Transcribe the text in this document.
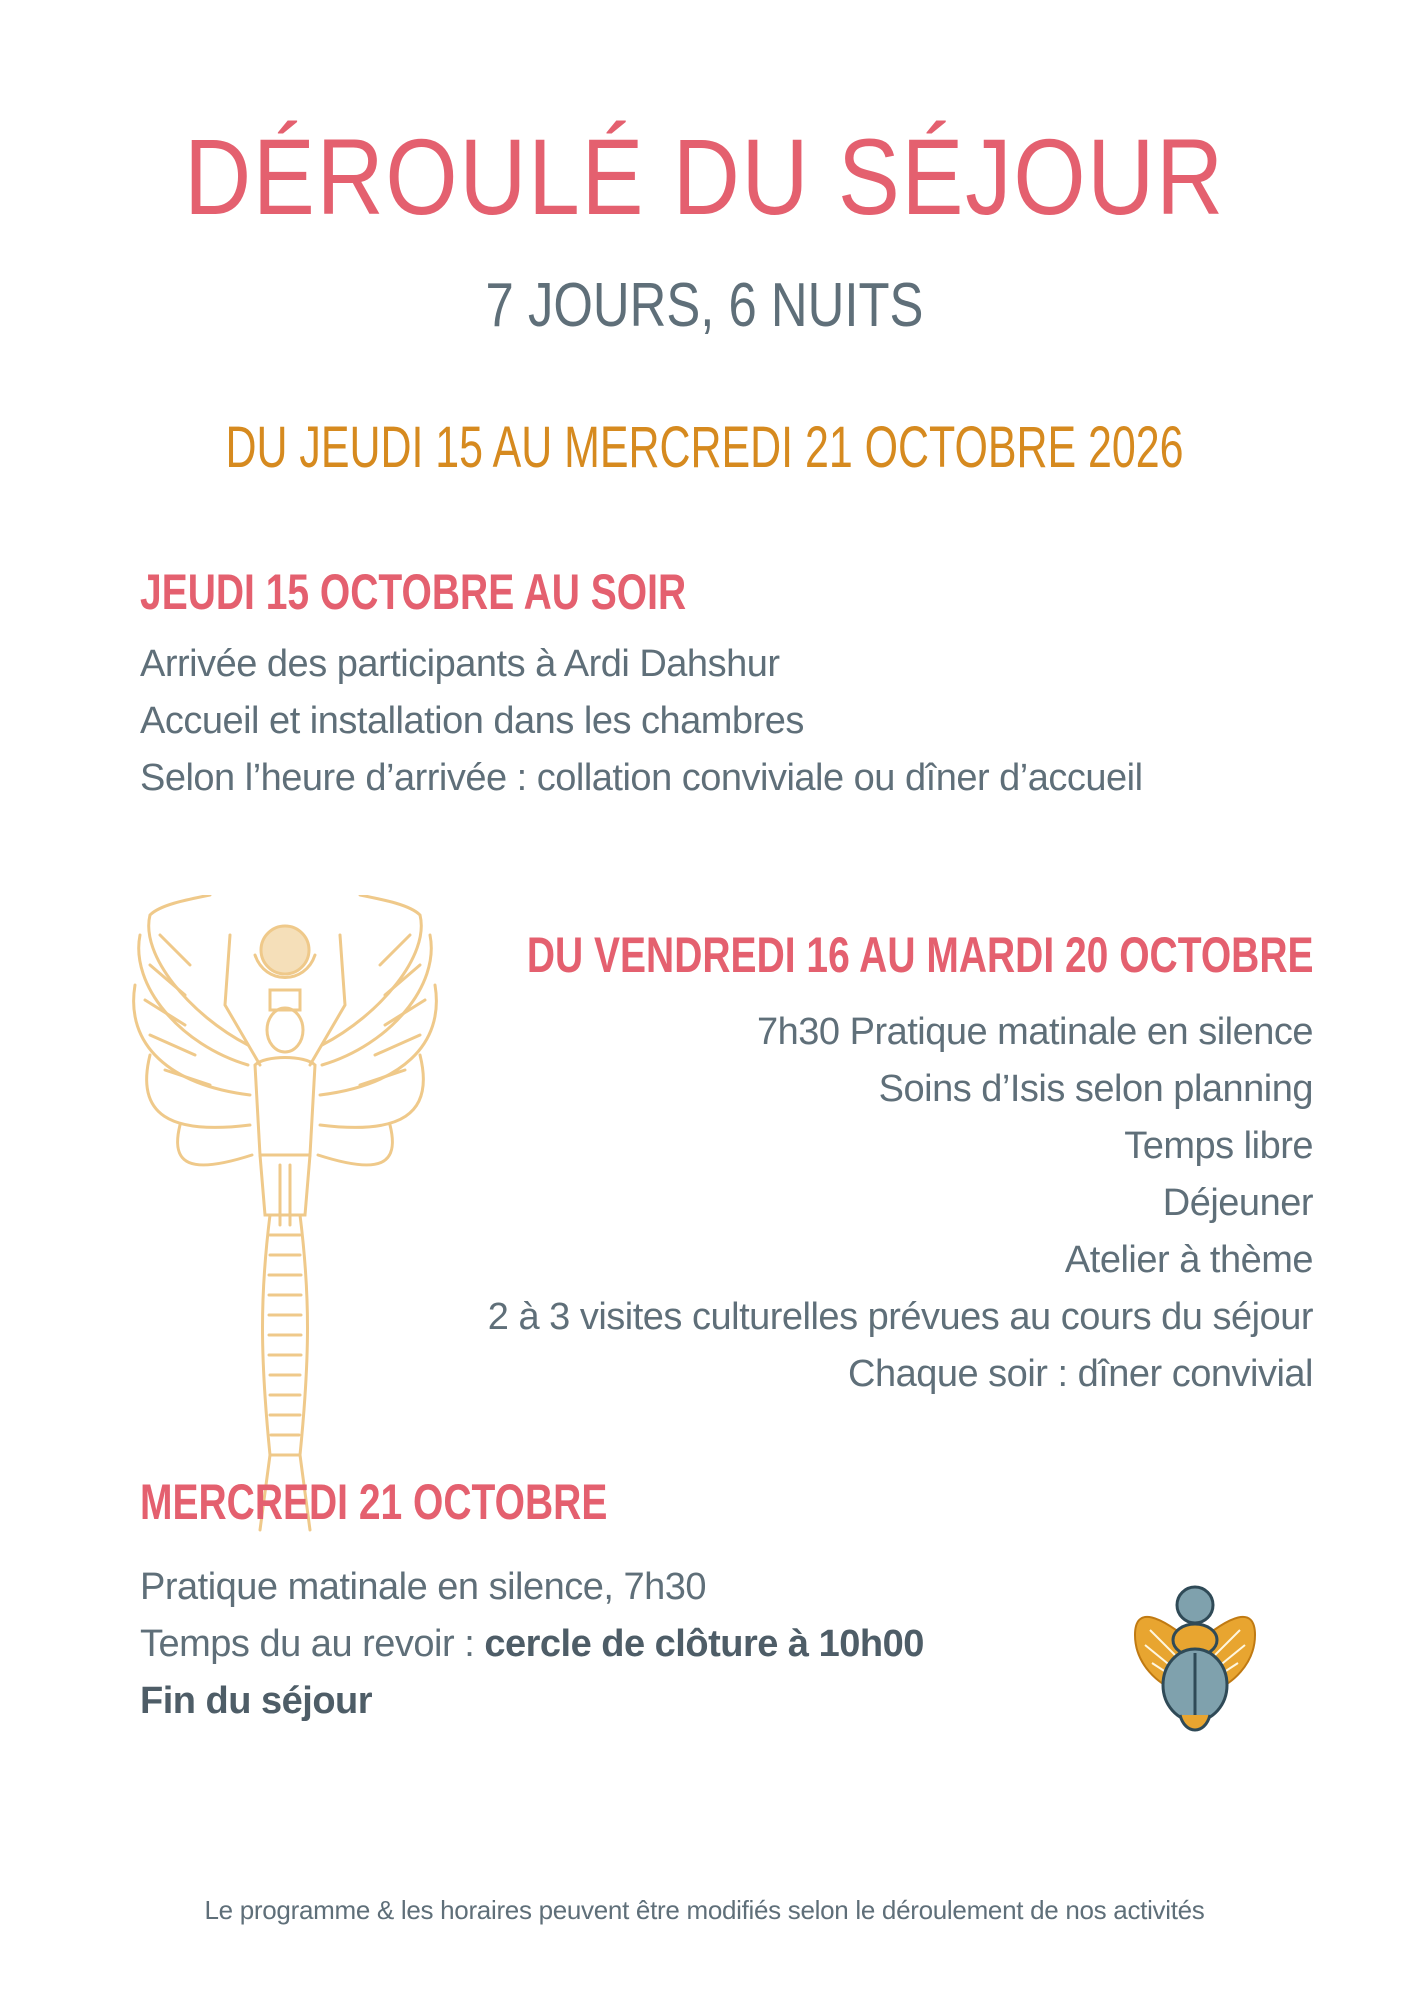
DÉROULÉ DU SÉJOUR

7 JOURS, 6 NUITS

DU JEUDI 15 AU MERCREDI 21 OCTOBRE 2026

JEUDI 15 OCTOBRE AU SOIR
Arrivée des participants à Ardi Dahshur
Accueil et installation dans les chambres
Selon l’heure d’arrivée : collation conviviale ou dîner d’accueil
DU VENDREDI 16 AU MARDI 20 OCTOBRE
7h30 Pratique matinale en silence
Soins d’Isis selon planning
Temps libre
Déjeuner
Atelier à thème
2 à 3 visites culturelles prévues au cours du séjour
Chaque soir : dîner convivial
MERCREDI 21 OCTOBRE
Pratique matinale en silence, 7h30
Temps du au revoir : cercle de clôture à 10h00
Fin du séjour

Le programme & les horaires peuvent être modifiés selon le déroulement de nos activités
